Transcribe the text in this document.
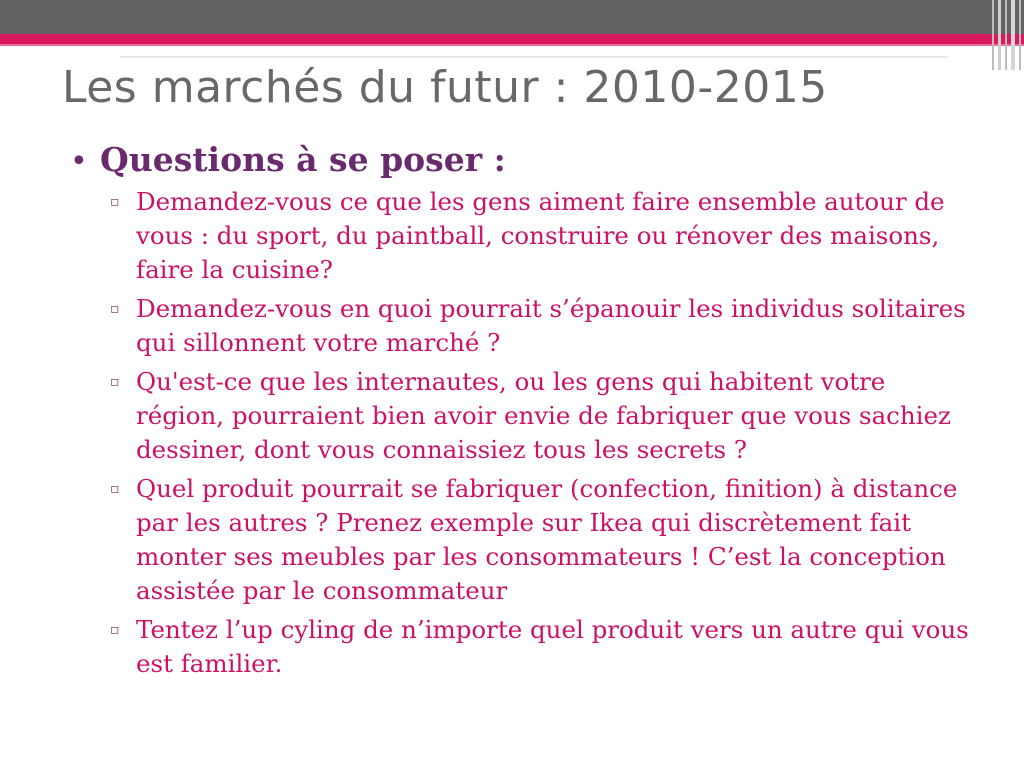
Les marchés du futur : 2010-2015
• Questions à se poser :
▫ Demandez-vous ce que les gens aiment faire ensemble autour de vous : du sport, du paintball, construire ou rénover des maisons, faire la cuisine?
▫ Demandez-vous en quoi pourrait s’épanouir les individus solitaires qui sillonnent votre marché ?
▫ Qu'est-ce que les internautes, ou les gens qui habitent votre région, pourraient bien avoir envie de fabriquer que vous sachiez dessiner, dont vous connaissiez tous les secrets ?
▫ Quel produit pourrait se fabriquer (confection, finition) à distance par les autres ? Prenez exemple sur Ikea qui discrètement fait monter ses meubles par les consommateurs ! C’est la conception assistée par le consommateur
▫ Tentez l’up cyling de n’importe quel produit vers un autre qui vous est familier.
